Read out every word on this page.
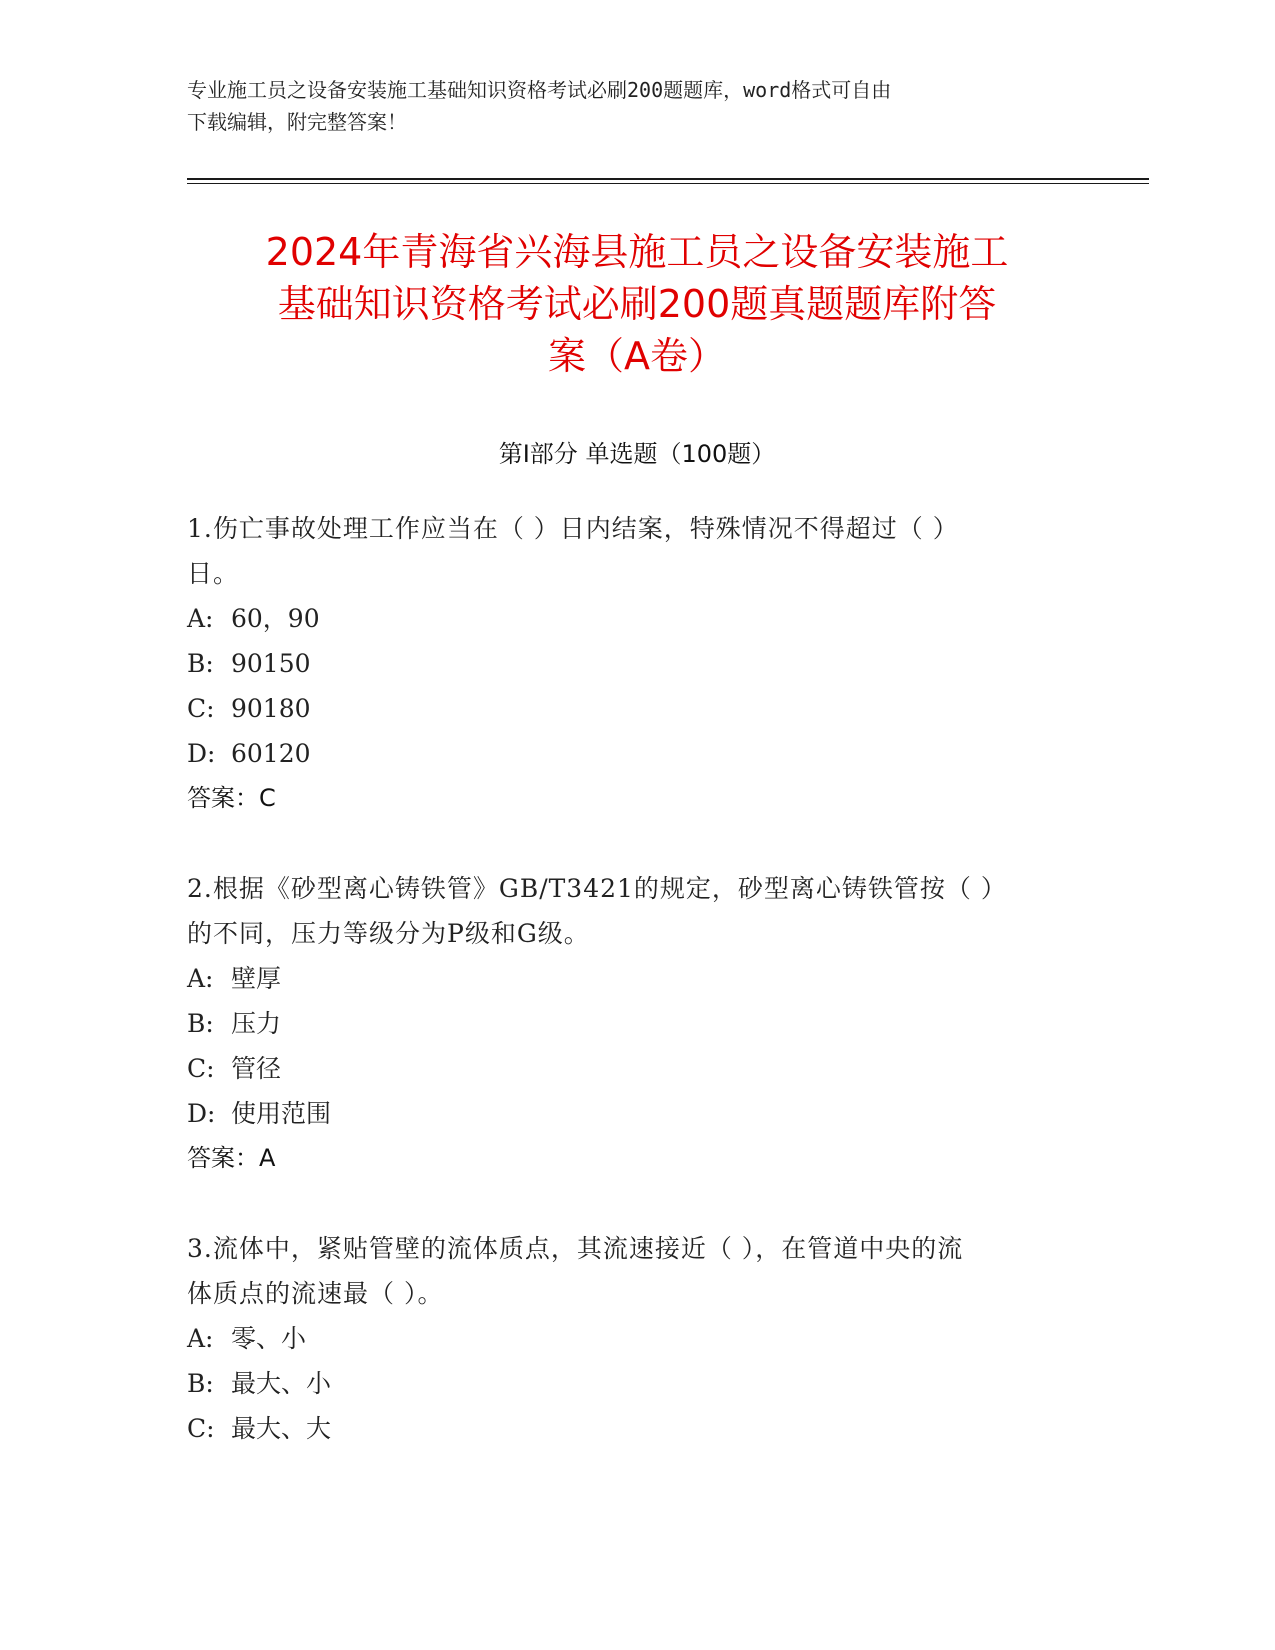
专业施工员之设备安装施工基础知识资格考试必刷200题题库，word格式可自由
下载编辑，附完整答案！
2024年青海省兴海县施工员之设备安装施工
基础知识资格考试必刷200题真题题库附答
案（A卷）
第Ⅰ部分 单选题（100题）
1.伤亡事故处理工作应当在（ ）日内结案，特殊情况不得超过（ ）
日。
A: 60，90
B: 90150
C: 90180
D: 60120
答案：C
2.根据《砂型离心铸铁管》GB/T3421的规定，砂型离心铸铁管按（ ）
的不同，压力等级分为P级和G级。
A: 壁厚
B: 压力
C: 管径
D: 使用范围
答案：A
3.流体中，紧贴管壁的流体质点，其流速接近（ ），在管道中央的流
体质点的流速最（ ）。
A: 零、小
B: 最大、小
C: 最大、大
